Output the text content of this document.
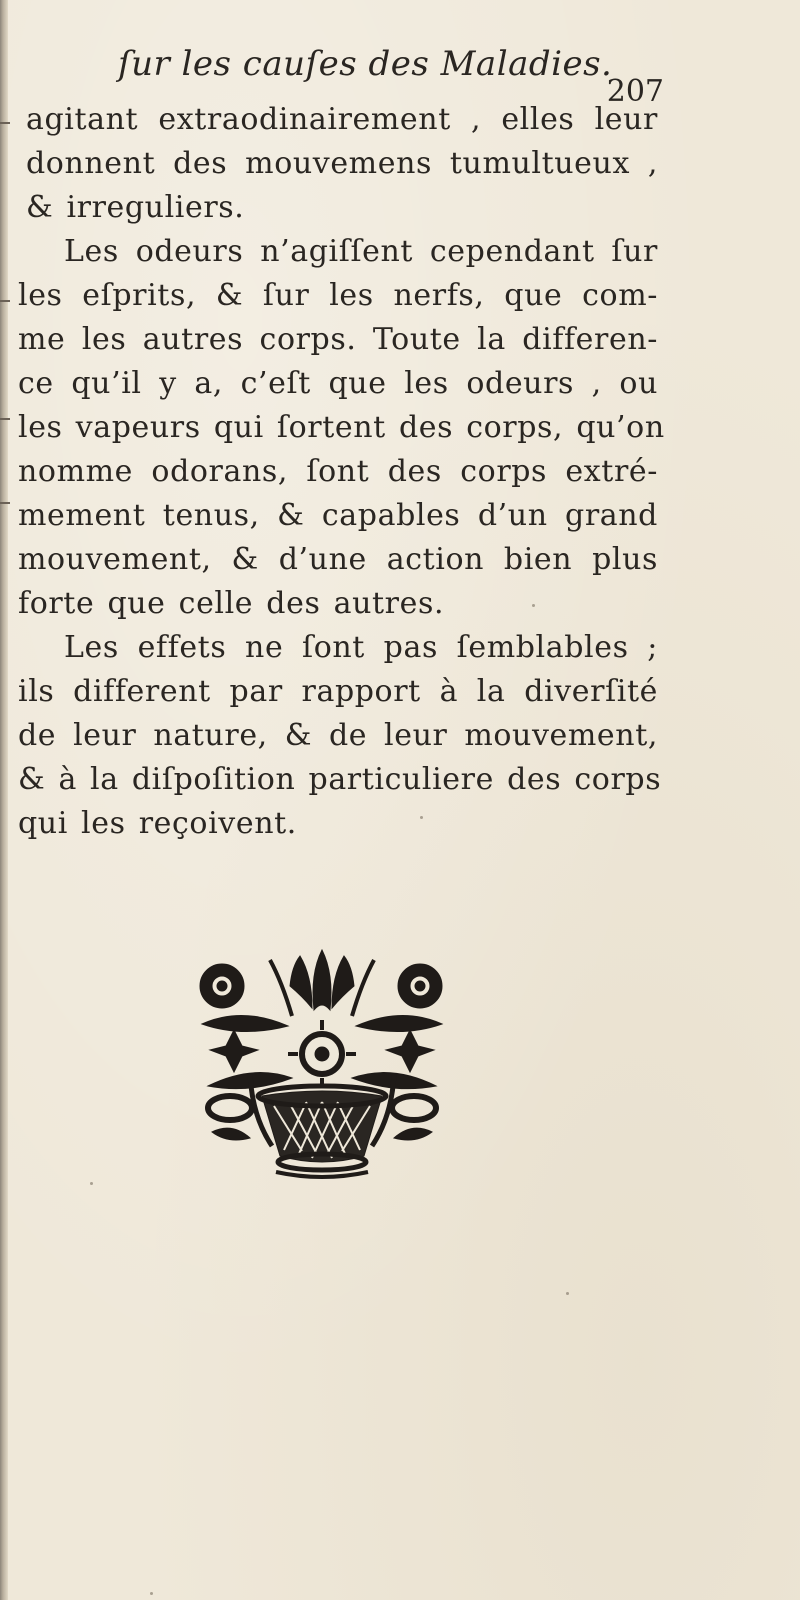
ſur les cauſes des Maladies.
207
agitant extraodinairement , elles leur
donnent des mouvemens tumultueux ,
& irreguliers.
Les odeurs n’agiſſent cependant ſur
les eſprits, & ſur les nerfs, que com-
me les autres corps. Toute la differen-
ce qu’il y a, c’eſt que les odeurs , ou
les vapeurs qui ſortent des corps, qu’on
nomme odorans, ſont des corps extré-
mement tenus, & capables d’un grand
mouvement, & d’une action bien plus
forte que celle des autres.
Les effets ne ſont pas ſemblables ;
ils different par rapport à la diverſité
de leur nature, & de leur mouvement,
& à la diſpoſition particuliere des corps
qui les reçoivent.
